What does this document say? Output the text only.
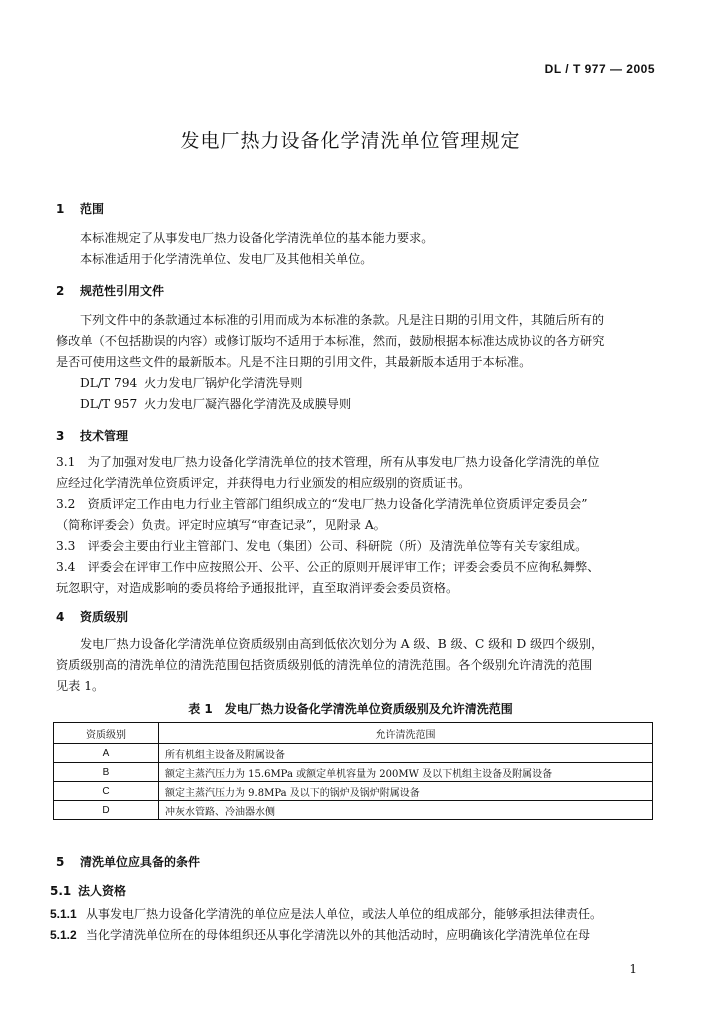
DL / T 977 — 2005
发电厂热力设备化学清洗单位管理规定
1 范围
本标准规定了从事发电厂热力设备化学清洗单位的基本能力要求。
本标准适用于化学清洗单位、发电厂及其他相关单位。
2 规范性引用文件
下列文件中的条款通过本标准的引用而成为本标准的条款。凡是注日期的引用文件，其随后所有的
修改单（不包括勘误的内容）或修订版均不适用于本标准，然而，鼓励根据本标准达成协议的各方研究
是否可使用这些文件的最新版本。凡是不注日期的引用文件，其最新版本适用于本标准。
DL/T 794 火力发电厂锅炉化学清洗导则
DL/T 957 火力发电厂凝汽器化学清洗及成膜导则
3 技术管理
3.1　为了加强对发电厂热力设备化学清洗单位的技术管理，所有从事发电厂热力设备化学清洗的单位
应经过化学清洗单位资质评定，并获得电力行业颁发的相应级别的资质证书。
3.2　资质评定工作由电力行业主管部门组织成立的“发电厂热力设备化学清洗单位资质评定委员会”
（简称评委会）负责。评定时应填写“审查记录”，见附录 A。
3.3　评委会主要由行业主管部门、发电（集团）公司、科研院（所）及清洗单位等有关专家组成。
3.4　评委会在评审工作中应按照公开、公平、公正的原则开展评审工作；评委会委员不应徇私舞弊、
玩忽职守，对造成影响的委员将给予通报批评，直至取消评委会委员资格。
4 资质级别
发电厂热力设备化学清洗单位资质级别由高到低依次划分为 A 级、B 级、C 级和 D 级四个级别，
资质级别高的清洗单位的清洗范围包括资质级别低的清洗单位的清洗范围。各个级别允许清洗的范围
见表 1。
表 1　发电厂热力设备化学清洗单位资质级别及允许清洗范围
资质级别	允许清洗范围
A	所有机组主设备及附属设备
B	额定主蒸汽压力为 15.6MPa 或额定单机容量为 200MW 及以下机组主设备及附属设备
C	额定主蒸汽压力为 9.8MPa 及以下的锅炉及锅炉附属设备
D	冲灰水管路、冷油器水侧
5 清洗单位应具备的条件
5.1 法人资格
5.1.1 从事发电厂热力设备化学清洗的单位应是法人单位，或法人单位的组成部分，能够承担法律责任。
5.1.2 当化学清洗单位所在的母体组织还从事化学清洗以外的其他活动时，应明确该化学清洗单位在母
1
